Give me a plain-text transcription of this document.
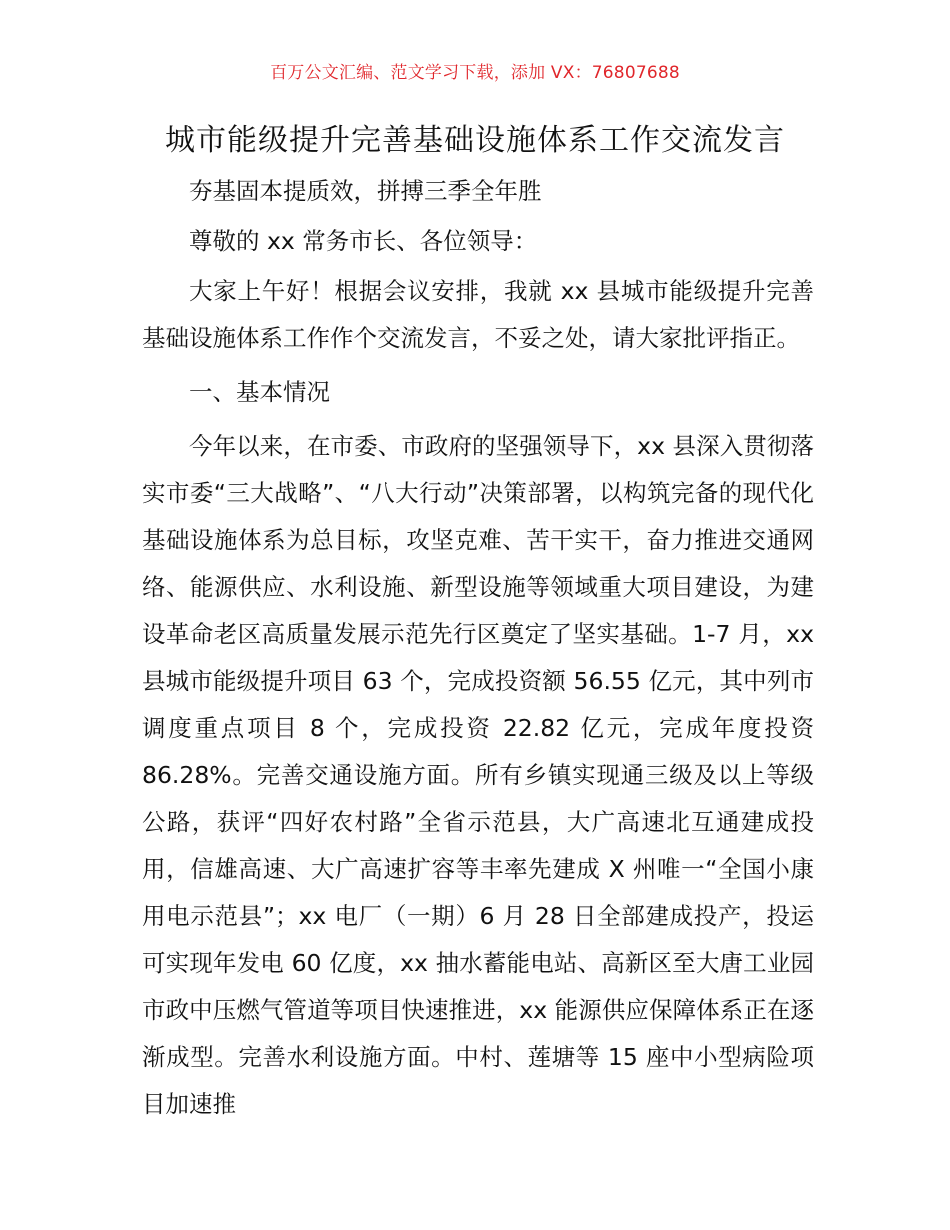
百万公文汇编、范文学习下载，添加 VX：76807688
城市能级提升完善基础设施体系工作交流发言

夯基固本提质效，拼搏三季全年胜

尊敬的 xx 常务市长、各位领导：

大家上午好！根据会议安排，我就 xx 县城市能级提升完善基础设施体系工作作个交流发言，不妥之处，请大家批评指正。

一、基本情况

今年以来，在市委、市政府的坚强领导下，xx 县深入贯彻落实市委“三大战略”、“八大行动”决策部署，以构筑完备的现代化基础设施体系为总目标，攻坚克难、苦干实干，奋力推进交通网络、能源供应、水利设施、新型设施等领域重大项目建设，为建设革命老区高质量发展示范先行区奠定了坚实基础。1-7 月，xx 县城市能级提升项目 63 个，完成投资额 56.55 亿元，其中列市调度重点项目 8 个，完成投资 22.82 亿元，完成年度投资 86.28%。完善交通设施方面。所有乡镇实现通三级及以上等级公路，获评“四好农村路”全省示范县，大广高速北互通建成投用，信雄高速、大广高速扩容等丰率先建成 X 州唯一“全国小康用电示范县”；xx 电厂（一期）6 月 28 日全部建成投产，投运可实现年发电 60 亿度，xx 抽水蓄能电站、高新区至大唐工业园市政中压燃气管道等项目快速推进，xx 能源供应保障体系正在逐渐成型。完善水利设施方面。中村、莲塘等 15 座中小型病险项目加速推
